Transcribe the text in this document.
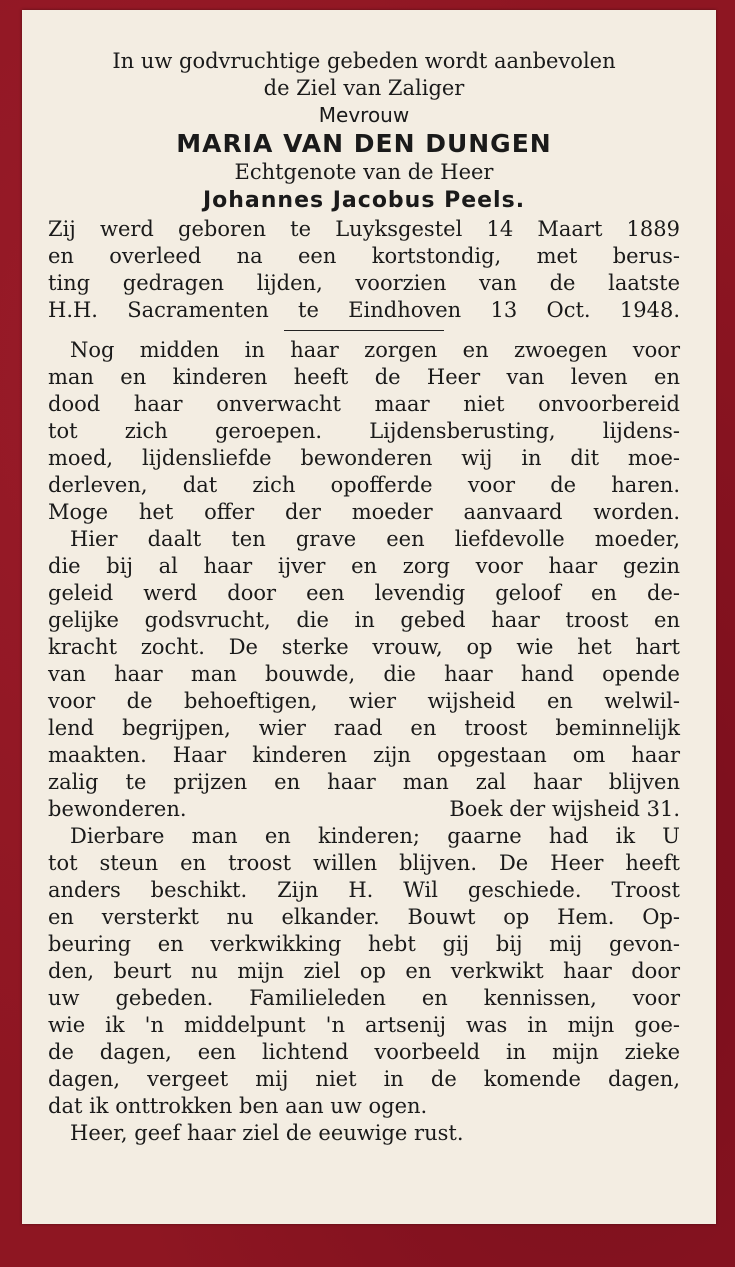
In uw godvruchtige gebeden wordt aanbevolen
de Ziel van Zaliger
Mevrouw
MARIA VAN DEN DUNGEN
Echtgenote van de Heer
Johannes Jacobus Peels.
Zij werd geboren te Luyksgestel 14 Maart 1889
en overleed na een kortstondig, met berus-
ting gedragen lijden, voorzien van de laatste
H.H. Sacramenten te Eindhoven 13 Oct. 1948.
Nog midden in haar zorgen en zwoegen voor
man en kinderen heeft de Heer van leven en
dood haar onverwacht maar niet onvoorbereid
tot zich geroepen. Lijdensberusting, lijdens-
moed, lijdensliefde bewonderen wij in dit moe-
derleven, dat zich opofferde voor de haren.
Moge het offer der moeder aanvaard worden.
Hier daalt ten grave een liefdevolle moeder,
die bij al haar ijver en zorg voor haar gezin
geleid werd door een levendig geloof en de-
gelijke godsvrucht, die in gebed haar troost en
kracht zocht. De sterke vrouw, op wie het hart
van haar man bouwde, die haar hand opende
voor de behoeftigen, wier wijsheid en welwil-
lend begrijpen, wier raad en troost beminnelijk
maakten. Haar kinderen zijn opgestaan om haar
zalig te prijzen en haar man zal haar blijven
bewonderen.	Boek der wijsheid 31.
Dierbare man en kinderen; gaarne had ik U
tot steun en troost willen blijven. De Heer heeft
anders beschikt. Zijn H. Wil geschiede. Troost
en versterkt nu elkander. Bouwt op Hem. Op-
beuring en verkwikking hebt gij bij mij gevon-
den, beurt nu mijn ziel op en verkwikt haar door
uw gebeden. Familieleden en kennissen, voor
wie ik 'n middelpunt 'n artsenij was in mijn goe-
de dagen, een lichtend voorbeeld in mijn zieke
dagen, vergeet mij niet in de komende dagen,
dat ik onttrokken ben aan uw ogen.
Heer, geef haar ziel de eeuwige rust.
